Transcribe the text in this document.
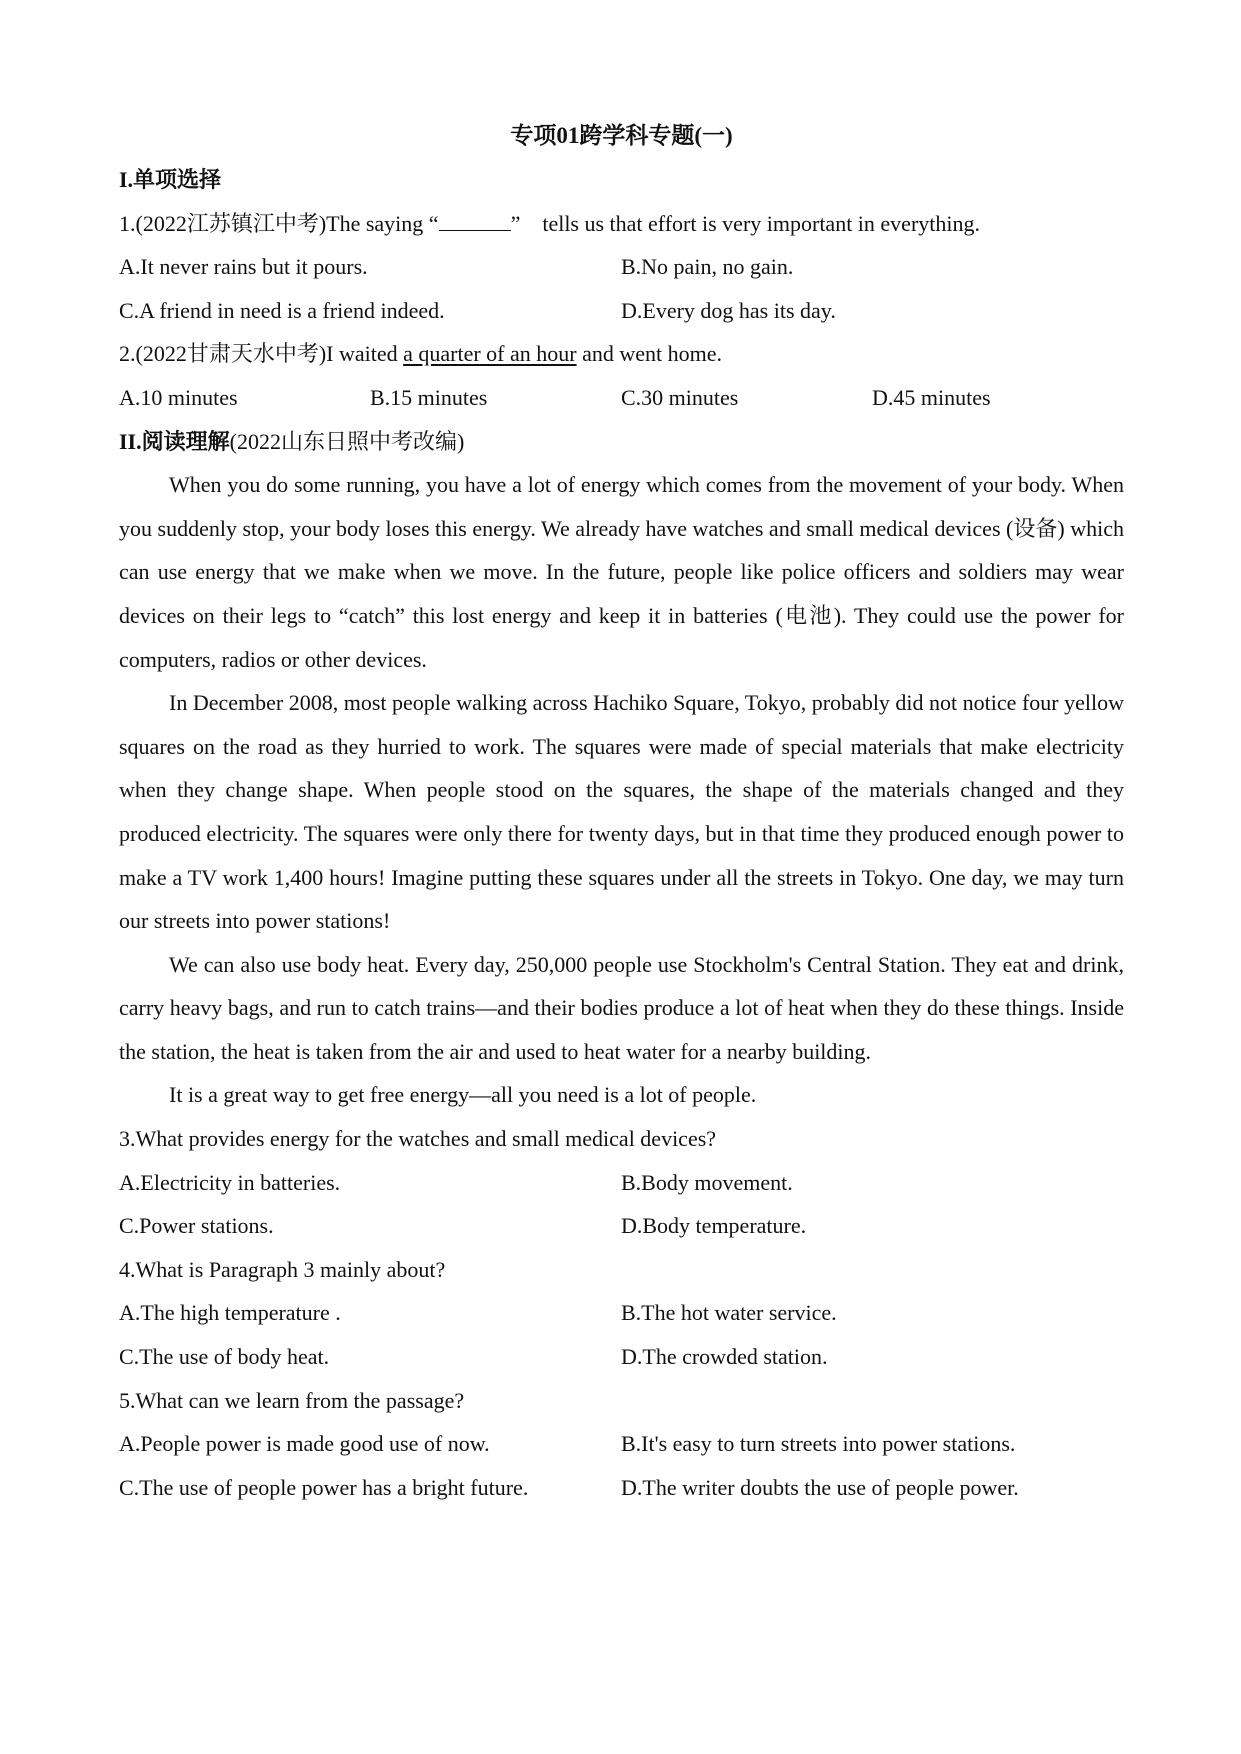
专项01跨学科专题(一)
I.单项选择
1.(2022江苏镇江中考)The saying “	”　tells us that effort is very important in everything.
A.It never rains but it pours.	B.No pain, no gain.
C.A friend in need is a friend indeed.	D.Every dog has its day.
2.(2022甘肃天水中考)I waited a quarter of an hour and went home.
A.10 minutes	B.15 minutes	C.30 minutes	D.45 minutes
II.阅读理解(2022山东日照中考改编)
When you do some running, you have a lot of energy which comes from the movement of your body. When you suddenly stop, your body loses this energy. We already have watches and small medical devices (设备) which can use energy that we make when we move. In the future, people like police officers and soldiers may wear devices on their legs to “catch” this lost energy and keep it in batteries (电池). They could use the power for computers, radios or other devices.
In December 2008, most people walking across Hachiko Square, Tokyo, probably did not notice four yellow squares on the road as they hurried to work. The squares were made of special materials that make electricity when they change shape. When people stood on the squares, the shape of the materials changed and they produced electricity. The squares were only there for twenty days, but in that time they produced enough power to make a TV work 1,400 hours! Imagine putting these squares under all the streets in Tokyo. One day, we may turn our streets into power stations!
We can also use body heat. Every day, 250,000 people use Stockholm's Central Station. They eat and drink, carry heavy bags, and run to catch trains—and their bodies produce a lot of heat when they do these things. Inside the station, the heat is taken from the air and used to heat water for a nearby building.
It is a great way to get free energy—all you need is a lot of people.
3.What provides energy for the watches and small medical devices?
A.Electricity in batteries.	B.Body movement.
C.Power stations.	D.Body temperature.
4.What is Paragraph 3 mainly about?
A.The high temperature .	B.The hot water service.
C.The use of body heat.	D.The crowded station.
5.What can we learn from the passage?
A.People power is made good use of now.	B.It's easy to turn streets into power stations.
C.The use of people power has a bright future.	D.The writer doubts the use of people power.
